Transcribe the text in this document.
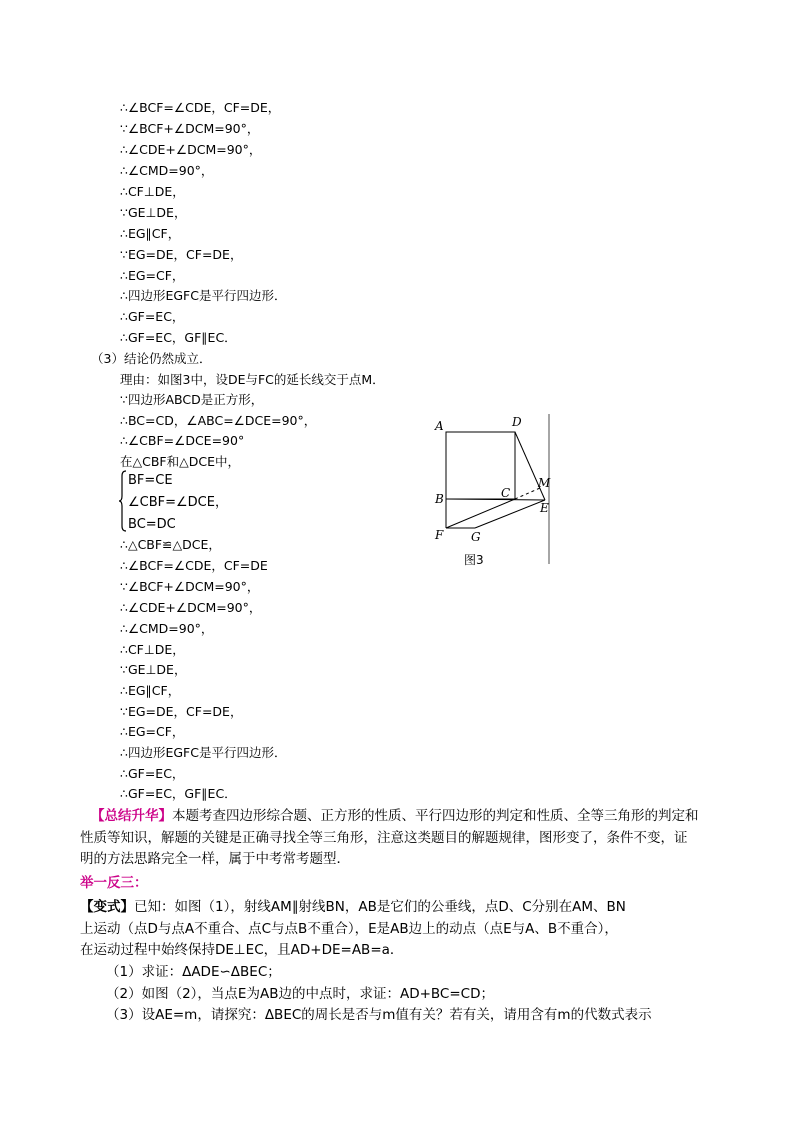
∴∠BCF=∠CDE，CF=DE，
∵∠BCF+∠DCM=90°，
∴∠CDE+∠DCM=90°，
∴∠CMD=90°，
∴CF⊥DE，
∵GE⊥DE，
∴EG∥CF，
∵EG=DE，CF=DE，
∴EG=CF，
∴四边形EGFC是平行四边形．
∴GF=EC，
∴GF=EC，GF∥EC．
（3）结论仍然成立．
理由：如图3中，设DE与FC的延长线交于点M．
∵四边形ABCD是正方形，
∴BC=CD，∠ABC=∠DCE=90°，
∴∠CBF=∠DCE=90°
在△CBF和△DCE中，
BF=CE
∠CBF=∠DCE，
BC=DC
∴△CBF≌△DCE，
∴∠BCF=∠CDE，CF=DE
∵∠BCF+∠DCM=90°，
∴∠CDE+∠DCM=90°，
∴∠CMD=90°，
∴CF⊥DE，
∵GE⊥DE，
∴EG∥CF，
∵EG=DE，CF=DE，
∴EG=CF，
∴四边形EGFC是平行四边形．
∴GF=EC，
∴GF=EC，GF∥EC．
A	D
B	C
M
E
F G
图3
【总结升华】本题考查四边形综合题、正方形的性质、平行四边形的判定和性质、全等三角形的判定和
性质等知识，解题的关键是正确寻找全等三角形，注意这类题目的解题规律，图形变了，条件不变，证
明的方法思路完全一样，属于中考常考题型．
举一反三：
【变式】已知：如图（1），射线AM∥射线BN，AB是它们的公垂线，点D、C分别在AM、BN
上运动（点D与点A不重合、点C与点B不重合），E是AB边上的动点（点E与A、B不重合），
在运动过程中始终保持DE⊥EC，且AD+DE=AB=a．
（1）求证：ΔADE∽ΔBEC；
（2）如图（2），当点E为AB边的中点时，求证：AD+BC=CD；
（3）设AE=m，请探究：ΔBEC的周长是否与m值有关？若有关，请用含有m的代数式表示
